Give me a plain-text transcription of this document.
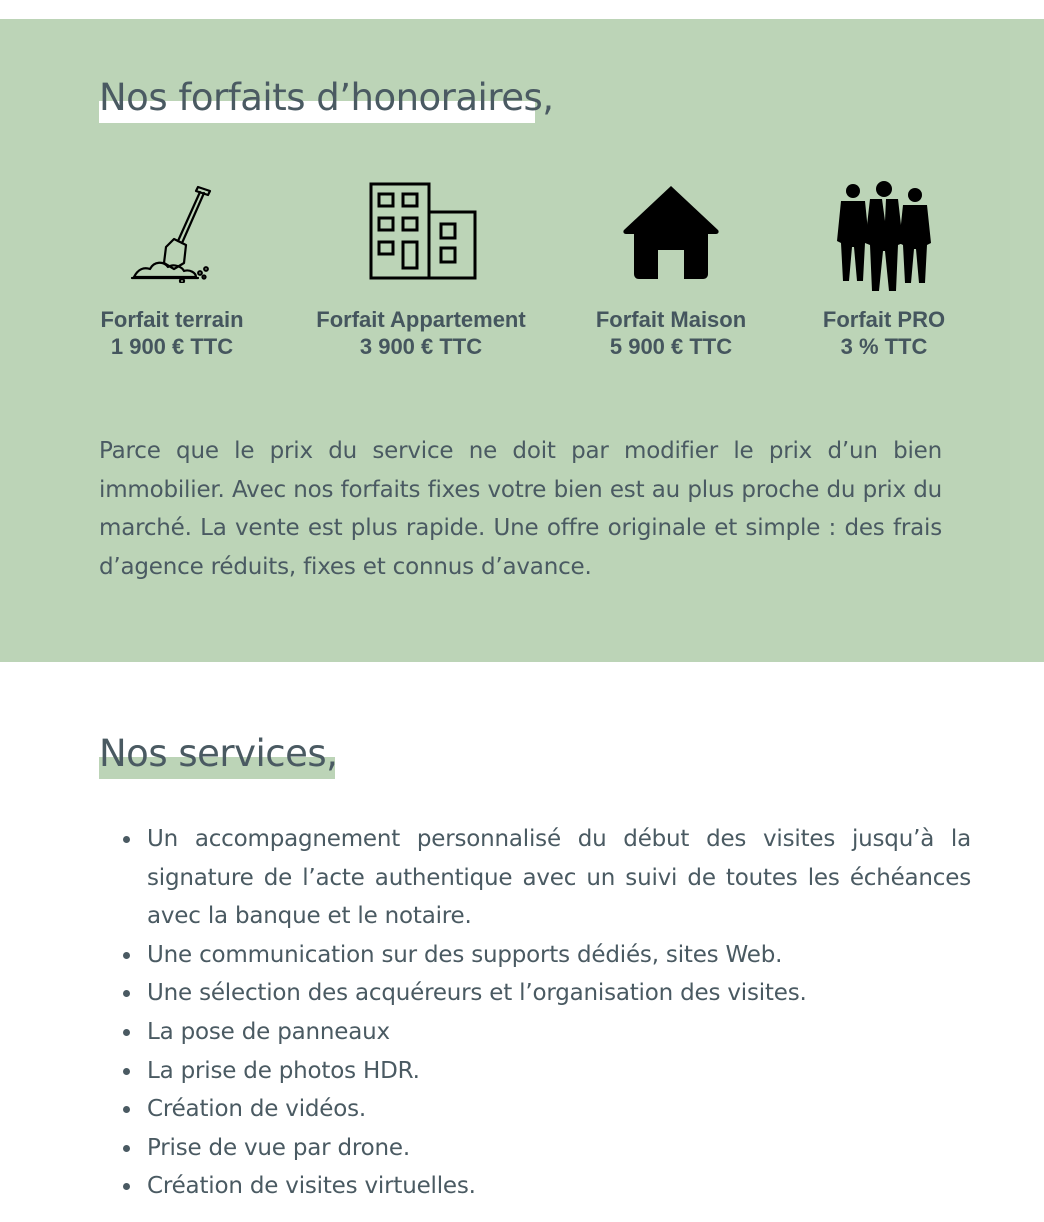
Nos forfaits d’honoraires,
Forfait terrain
1 900 € TTC
Forfait Appartement
3 900 € TTC
Forfait Maison
5 900 € TTC
Forfait PRO
3 % TTC

Parce que le prix du service ne doit par modifier le prix d’un bien immobilier. Avec nos forfaits fixes votre bien est au plus proche du prix du marché. La vente est plus rapide. Une offre originale et simple : des frais d’agence réduits, fixes et connus d’avance.

Nos services,
Un accompagnement personnalisé du début des visites jusqu’à la signature de l’acte authentique avec un suivi de toutes les échéances avec la banque et le notaire.
Une communication sur des supports dédiés, sites Web.
Une sélection des acquéreurs et l’organisation des visites.
La pose de panneaux
La prise de photos HDR.
Création de vidéos.
Prise de vue par drone.
Création de visites virtuelles.
